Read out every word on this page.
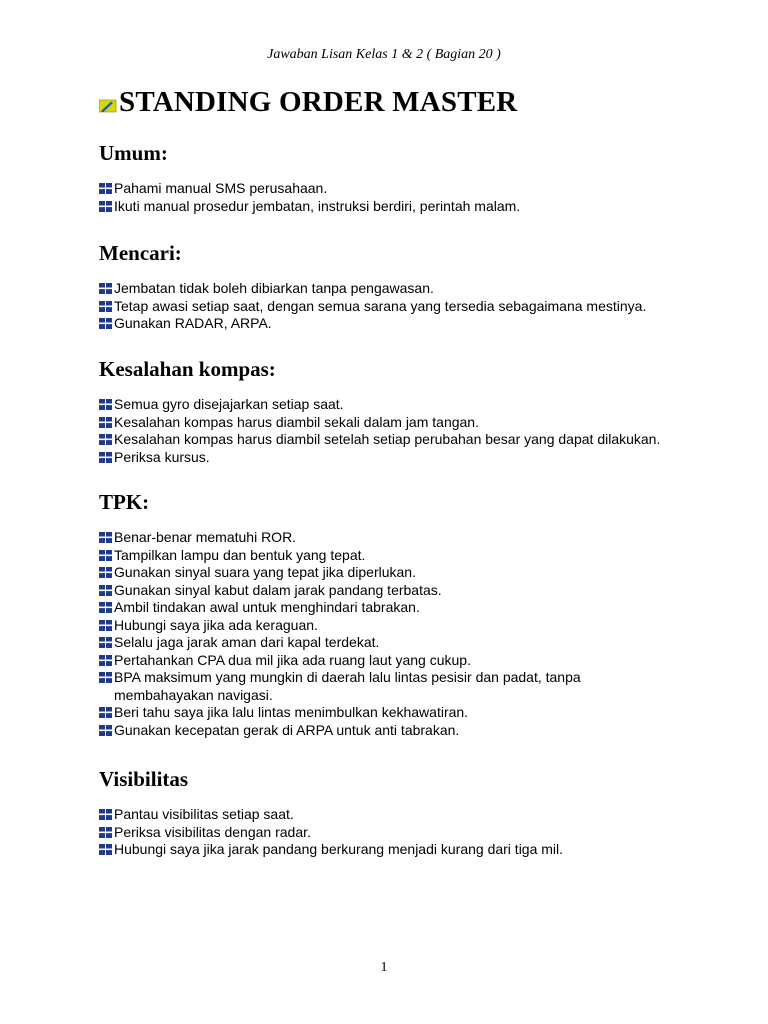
Jawaban Lisan Kelas 1 & 2 ( Bagian 20 )
STANDING ORDER MASTER
Umum:
Pahami manual SMS perusahaan.
Ikuti manual prosedur jembatan, instruksi berdiri, perintah malam.
Mencari:
Jembatan tidak boleh dibiarkan tanpa pengawasan.
Tetap awasi setiap saat, dengan semua sarana yang tersedia sebagaimana mestinya.
Gunakan RADAR, ARPA.
Kesalahan kompas:
Semua gyro disejajarkan setiap saat.
Kesalahan kompas harus diambil sekali dalam jam tangan.
Kesalahan kompas harus diambil setelah setiap perubahan besar yang dapat dilakukan.
Periksa kursus.
TPK:
Benar-benar mematuhi ROR.
Tampilkan lampu dan bentuk yang tepat.
Gunakan sinyal suara yang tepat jika diperlukan.
Gunakan sinyal kabut dalam jarak pandang terbatas.
Ambil tindakan awal untuk menghindari tabrakan.
Hubungi saya jika ada keraguan.
Selalu jaga jarak aman dari kapal terdekat.
Pertahankan CPA dua mil jika ada ruang laut yang cukup.
BPA maksimum yang mungkin di daerah lalu lintas pesisir dan padat, tanpa membahayakan navigasi.
Beri tahu saya jika lalu lintas menimbulkan kekhawatiran.
Gunakan kecepatan gerak di ARPA untuk anti tabrakan.
Visibilitas
Pantau visibilitas setiap saat.
Periksa visibilitas dengan radar.
Hubungi saya jika jarak pandang berkurang menjadi kurang dari tiga mil.
1
